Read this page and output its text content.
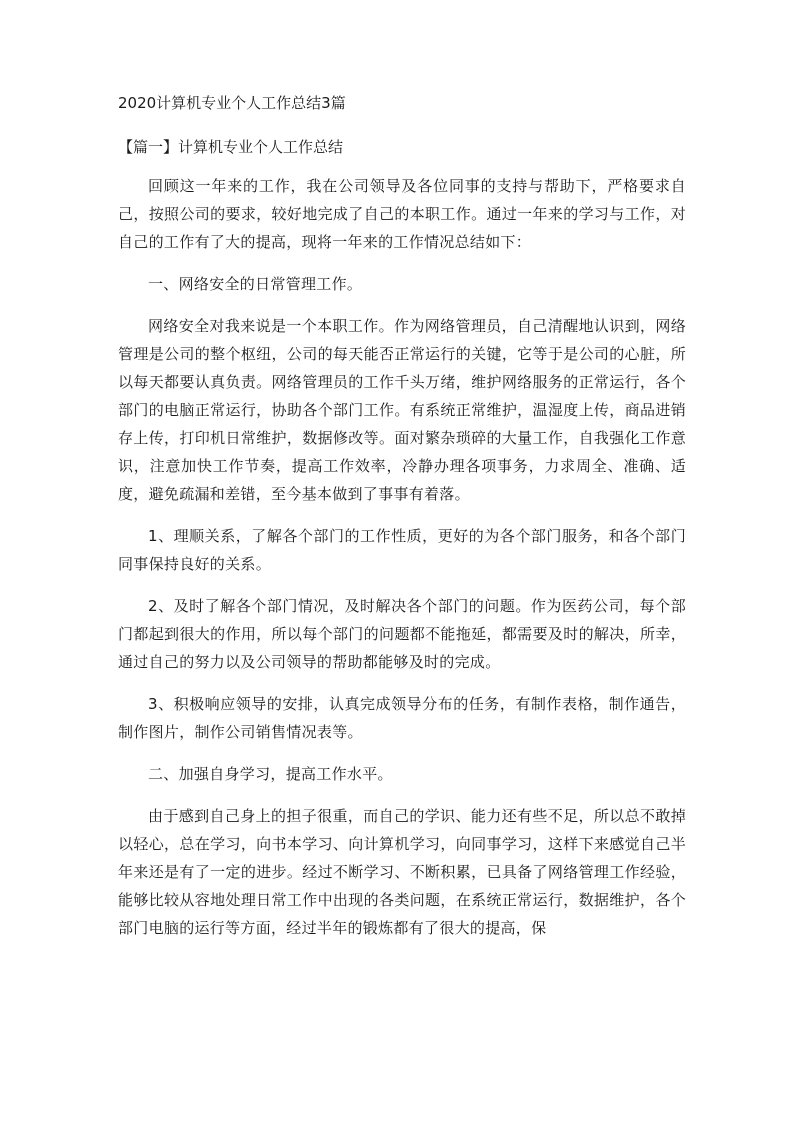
2020计算机专业个人工作总结3篇
【篇一】计算机专业个人工作总结

回顾这一年来的工作，我在公司领导及各位同事的支持与帮助下，严格要求自己，按照公司的要求，较好地完成了自己的本职工作。通过一年来的学习与工作，对自己的工作有了大的提高，现将一年来的工作情况总结如下：

一、网络安全的日常管理工作。

网络安全对我来说是一个本职工作。作为网络管理员，自己清醒地认识到，网络管理是公司的整个枢纽，公司的每天能否正常运行的关键，它等于是公司的心脏，所以每天都要认真负责。网络管理员的工作千头万绪，维护网络服务的正常运行，各个部门的电脑正常运行，协助各个部门工作。有系统正常维护，温湿度上传，商品进销存上传，打印机日常维护，数据修改等。面对繁杂琐碎的大量工作，自我强化工作意识，注意加快工作节奏，提高工作效率，冷静办理各项事务，力求周全、准确、适度，避免疏漏和差错，至今基本做到了事事有着落。

1、理顺关系，了解各个部门的工作性质，更好的为各个部门服务，和各个部门同事保持良好的关系。

2、及时了解各个部门情况，及时解决各个部门的问题。作为医药公司，每个部门都起到很大的作用，所以每个部门的问题都不能拖延，都需要及时的解决，所幸，通过自己的努力以及公司领导的帮助都能够及时的完成。

3、积极响应领导的安排，认真完成领导分布的任务，有制作表格，制作通告，制作图片，制作公司销售情况表等。

二、加强自身学习，提高工作水平。

由于感到自己身上的担子很重，而自己的学识、能力还有些不足，所以总不敢掉以轻心，总在学习，向书本学习、向计算机学习，向同事学习，这样下来感觉自己半年来还是有了一定的进步。经过不断学习、不断积累，已具备了网络管理工作经验，能够比较从容地处理日常工作中出现的各类问题，在系统正常运行，数据维护，各个部门电脑的运行等方面，经过半年的锻炼都有了很大的提高，保
